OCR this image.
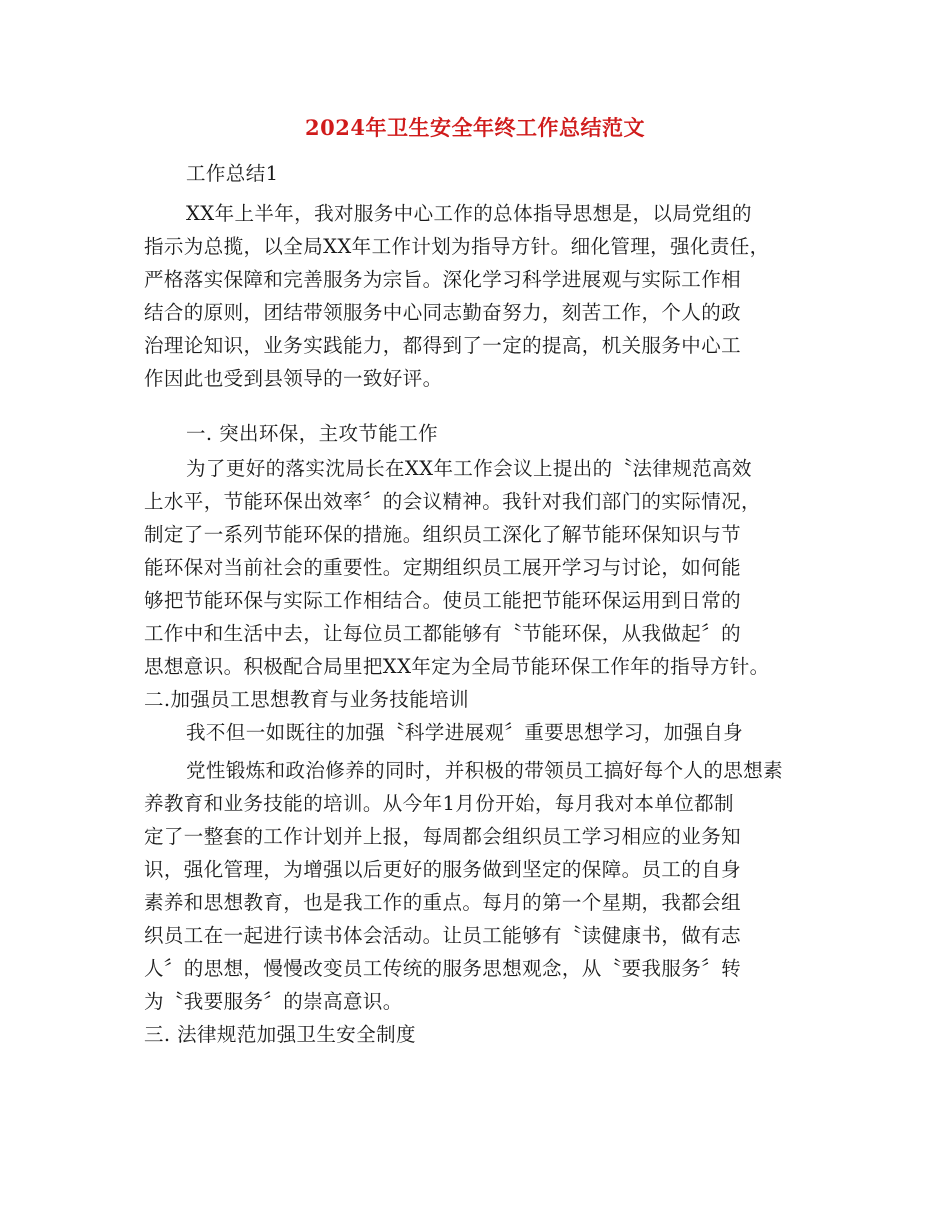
2024年卫生安全年终工作总结范文
工作总结1
XX年上半年，我对服务中心工作的总体指导思想是，以局党组的
指示为总揽，以全局XX年工作计划为指导方针。细化管理，强化责任，
严格落实保障和完善服务为宗旨。深化学习科学进展观与实际工作相
结合的原则，团结带领服务中心同志勤奋努力，刻苦工作，个人的政
治理论知识，业务实践能力，都得到了一定的提高，机关服务中心工
作因此也受到县领导的一致好评。
一. 突出环保，主攻节能工作
为了更好的落实沈局长在XX年工作会议上提出的〝法律规范高效
上水平，节能环保出效率〞的会议精神。我针对我们部门的实际情况，
制定了一系列节能环保的措施。组织员工深化了解节能环保知识与节
能环保对当前社会的重要性。定期组织员工展开学习与讨论，如何能
够把节能环保与实际工作相结合。使员工能把节能环保运用到日常的
工作中和生活中去，让每位员工都能够有〝节能环保，从我做起〞的
思想意识。积极配合局里把XX年定为全局节能环保工作年的指导方针。
二.加强员工思想教育与业务技能培训
我不但一如既往的加强〝科学进展观〞重要思想学习，加强自身
党性锻炼和政治修养的同时，并积极的带领员工搞好每个人的思想素
养教育和业务技能的培训。从今年1月份开始，每月我对本单位都制
定了一整套的工作计划并上报，每周都会组织员工学习相应的业务知
识，强化管理，为增强以后更好的服务做到坚定的保障。员工的自身
素养和思想教育，也是我工作的重点。每月的第一个星期，我都会组
织员工在一起进行读书体会活动。让员工能够有〝读健康书，做有志
人〞的思想，慢慢改变员工传统的服务思想观念，从〝要我服务〞转
为〝我要服务〞的崇高意识。
三. 法律规范加强卫生安全制度
